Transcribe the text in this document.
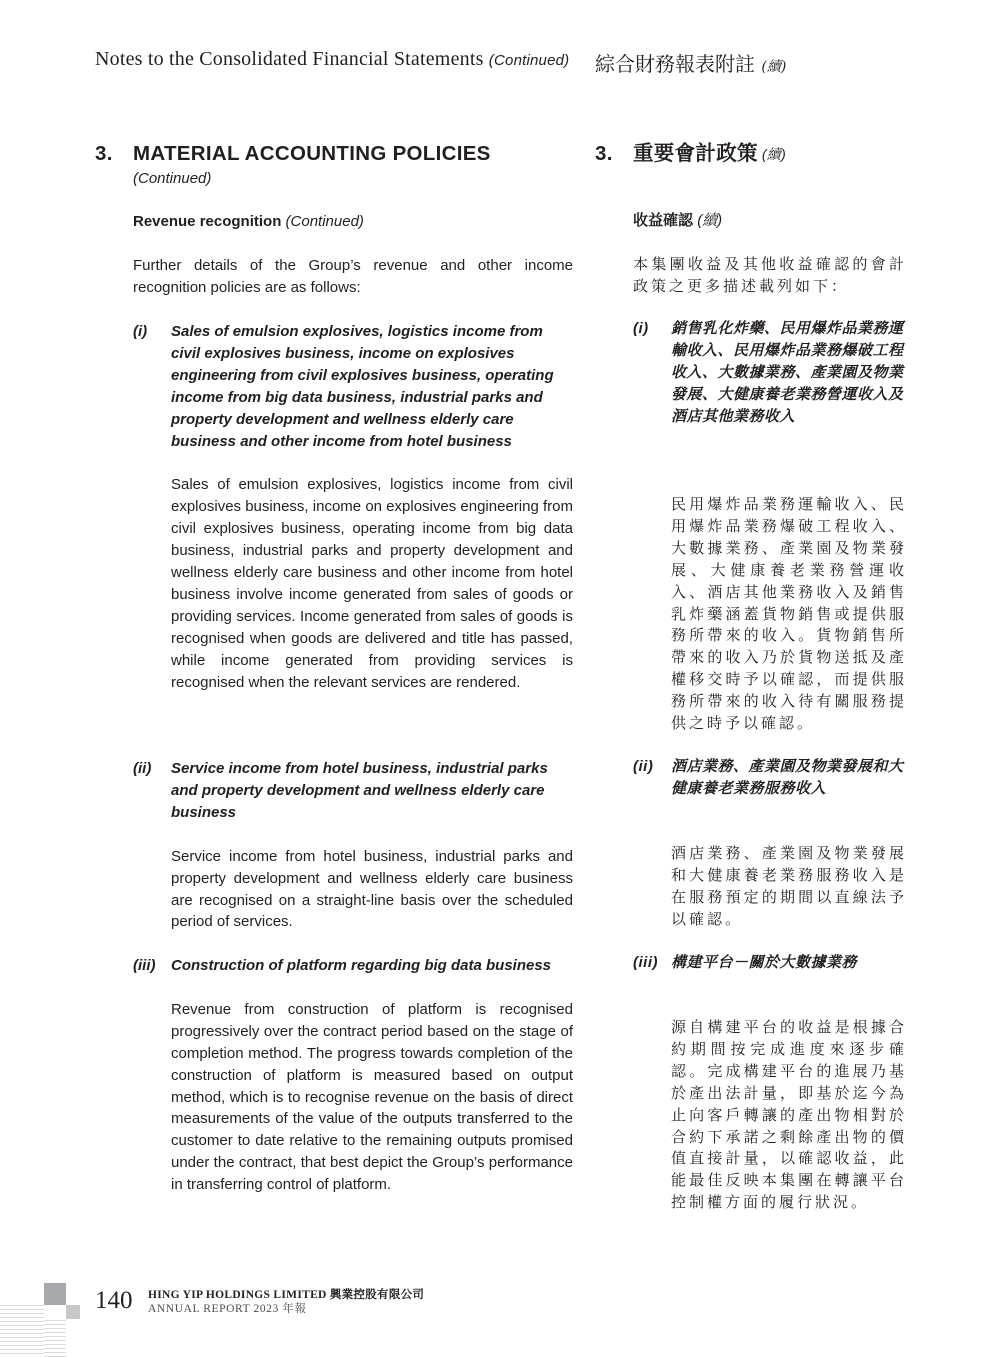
Notes to the Consolidated Financial Statements (Continued) 綜合財務報表附註 (續)
3. MATERIAL ACCOUNTING POLICIES
(Continued)
Revenue recognition (Continued)
Further details of the Group’s revenue and other income recognition policies are as follows:
(i)	Sales of emulsion explosives, logistics income from civil explosives business, income on explosives engineering from civil explosives business, operating income from big data business, industrial parks and property development and wellness elderly care business and other income from hotel business
Sales of emulsion explosives, logistics income from civil explosives business, income on explosives engineering from civil explosives business, operating income from big data business, industrial parks and property development and wellness elderly care business and other income from hotel business involve income generated from sales of goods or providing services. Income generated from sales of goods is recognised when goods are delivered and title has passed, while income generated from providing services is recognised when the relevant services are rendered.
(ii)	Service income from hotel business, industrial parks and property development and wellness elderly care business
Service income from hotel business, industrial parks and property development and wellness elderly care business are recognised on a straight-line basis over the scheduled period of services.
(iii)	Construction of platform regarding big data business
Revenue from construction of platform is recognised progressively over the contract period based on the stage of completion method. The progress towards completion of the construction of platform is measured based on output method, which is to recognise revenue on the basis of direct measurements of the value of the outputs transferred to the customer to date relative to the remaining outputs promised under the contract, that best depict the Group’s performance in transferring control of platform.
3. 重要會計政策 (續)
收益確認 (續)
本集團收益及其他收益確認的會計政策之更多描述載列如下：
(i)	銷售乳化炸藥、民用爆炸品業務運輸收入、民用爆炸品業務爆破工程收入、大數據業務、產業園及物業發展、大健康養老業務營運收入及酒店其他業務收入
民用爆炸品業務運輸收入、民用爆炸品業務爆破工程收入、大數據業務、產業園及物業發展、大健康養老業務營運收入、酒店其他業務收入及銷售乳炸藥涵蓋貨物銷售或提供服務所帶來的收入。貨物銷售所帶來的收入乃於貨物送抵及產權移交時予以確認，而提供服務所帶來的收入待有關服務提供之時予以確認。
(ii)	酒店業務、產業園及物業發展和大健康養老業務服務收入
酒店業務、產業園及物業發展和大健康養老業務服務收入是在服務預定的期間以直線法予以確認。
(iii) 構建平台－關於大數據業務
源自構建平台的收益是根據合約期間按完成進度來逐步確認。完成構建平台的進展乃基於產出法計量，即基於迄今為止向客戶轉讓的產出物相對於合約下承諾之剩餘產出物的價值直接計量，以確認收益，此能最佳反映本集團在轉讓平台控制權方面的履行狀況。
140 HING YIP HOLDINGS LIMITED 興業控股有限公司
ANNUAL REPORT 2023 年報
